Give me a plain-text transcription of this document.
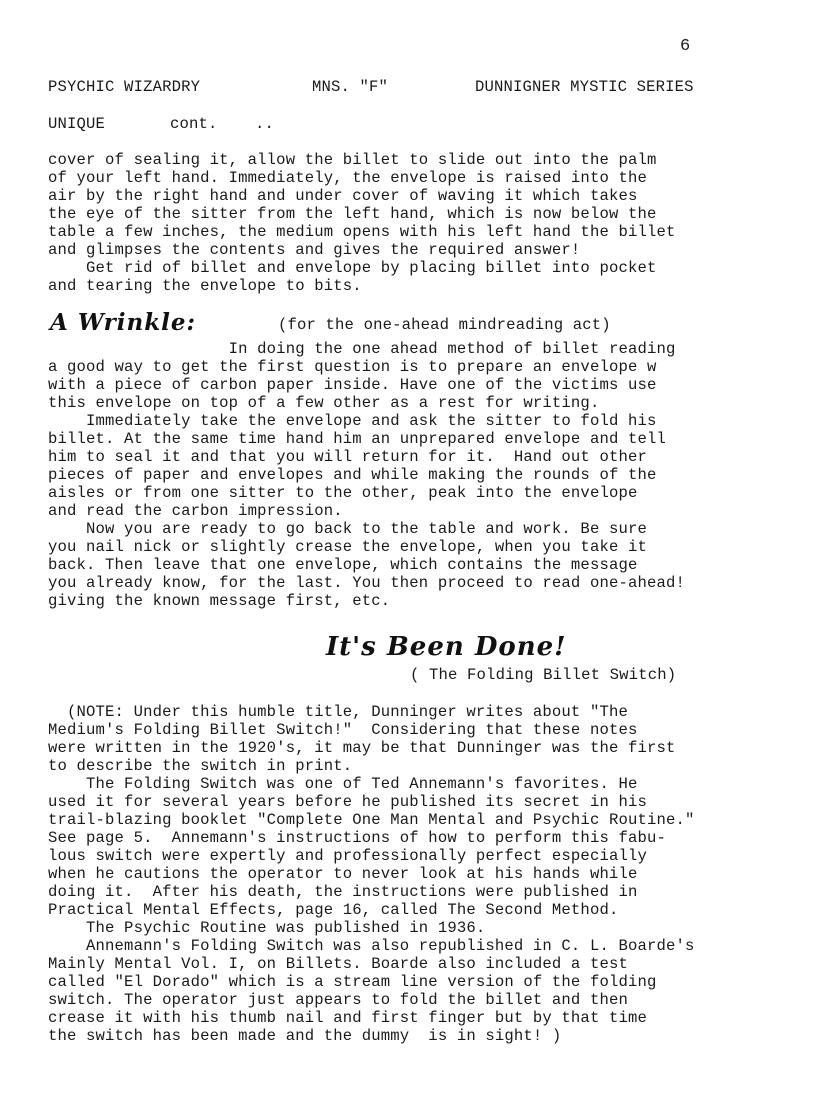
6
PSYCHIC WIZARDRY	MNS. "F"	DUNNIGNER MYSTIC SERIES
UNIQUE	cont. ..
cover of sealing it, allow the billet to slide out into the palm
of your left hand. Immediately, the envelope is raised into the
air by the right hand and under cover of waving it which takes
the eye of the sitter from the left hand, which is now below the
table a few inches, the medium opens with his left hand the billet
and glimpses the contents and gives the required answer!
Get rid of billet and envelope by placing billet into pocket
and tearing the envelope to bits.
A Wrinkle:	(for the one-ahead mindreading act)
In doing the one ahead method of billet reading
a good way to get the first question is to prepare an envelope w
with a piece of carbon paper inside. Have one of the victims use
this envelope on top of a few other as a rest for writing.
Immediately take the envelope and ask the sitter to fold his
billet. At the same time hand him an unprepared envelope and tell
him to seal it and that you will return for it.  Hand out other
pieces of paper and envelopes and while making the rounds of the
aisles or from one sitter to the other, peak into the envelope
and read the carbon impression.
Now you are ready to go back to the table and work. Be sure
you nail nick or slightly crease the envelope, when you take it
back. Then leave that one envelope, which contains the message
you already know, for the last. You then proceed to read one-ahead!
giving the known message first, etc.
It's Been Done!
( The Folding Billet Switch)
(NOTE: Under this humble title, Dunninger writes about "The
Medium's Folding Billet Switch!"  Considering that these notes
were written in the 1920's, it may be that Dunninger was the first
to describe the switch in print.
The Folding Switch was one of Ted Annemann's favorites. He
used it for several years before he published its secret in his
trail-blazing booklet "Complete One Man Mental and Psychic Routine."
See page 5.  Annemann's instructions of how to perform this fabu-
lous switch were expertly and professionally perfect especially
when he cautions the operator to never look at his hands while
doing it.  After his death, the instructions were published in
Practical Mental Effects, page 16, called The Second Method.
The Psychic Routine was published in 1936.
Annemann's Folding Switch was also republished in C. L. Boarde's
Mainly Mental Vol. I, on Billets. Boarde also included a test
called "El Dorado" which is a stream line version of the folding
switch. The operator just appears to fold the billet and then
crease it with his thumb nail and first finger but by that time
the switch has been made and the dummy  is in sight! )
